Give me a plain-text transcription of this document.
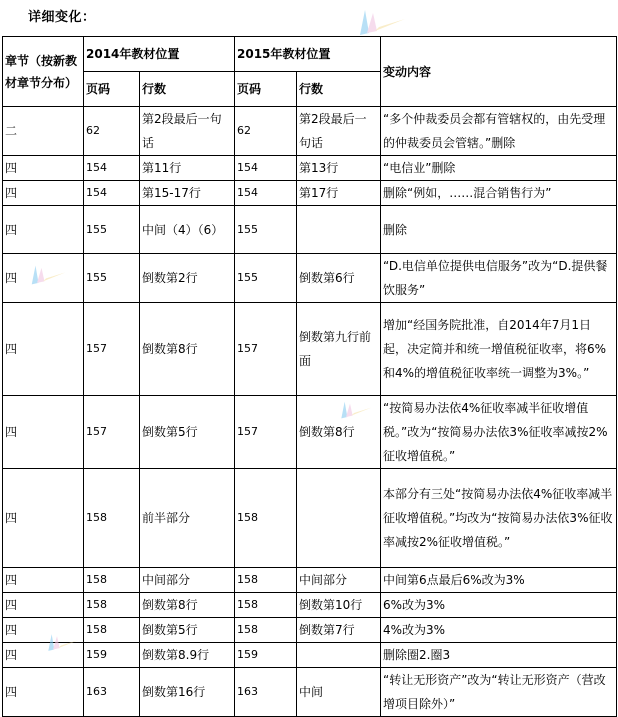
详细变化：
章节（按新教材章节分布）	2014年教材位置		2015年教材位置		变动内容
	页码	行数	页码	行数	
二	62	第2段最后一句话	62	第2段最后一句话	“多个仲裁委员会都有管辖权的，由先受理的仲裁委员会管辖。”删除
四	154	第11行	154	第13行	“电信业”删除
四	154	第15-17行	154	第17行	删除“例如，……混合销售行为”
四	155	中间（4）（6）	155		删除
四	155	倒数第2行	155	倒数第6行	“D.电信单位提供电信服务”改为“D.提供餐饮服务”
四	157	倒数第8行	157	倒数第九行前面	增加“经国务院批准，自2014年7月1日起，决定简并和统一增值税征收率，将6%和4%的增值税征收率统一调整为3%。”
四	157	倒数第5行	157	倒数第8行	“按简易办法依4%征收率减半征收增值税。”改为“按简易办法依3%征收率减按2%征收增值税。”
四	158	前半部分	158		本部分有三处“按简易办法依4%征收率减半征收增值税。”均改为“按简易办法依3%征收率减按2%征收增值税。”
四	158	中间部分	158	中间部分	中间第6点最后6%改为3%
四	158	倒数第8行	158	倒数第10行	6%改为3%
四	158	倒数第5行	158	倒数第7行	4%改为3%
四	159	倒数第8.9行	159		删除圈2.圈3
四	163	倒数第16行	163	中间	“转让无形资产”改为“转让无形资产（营改增项目除外）”
